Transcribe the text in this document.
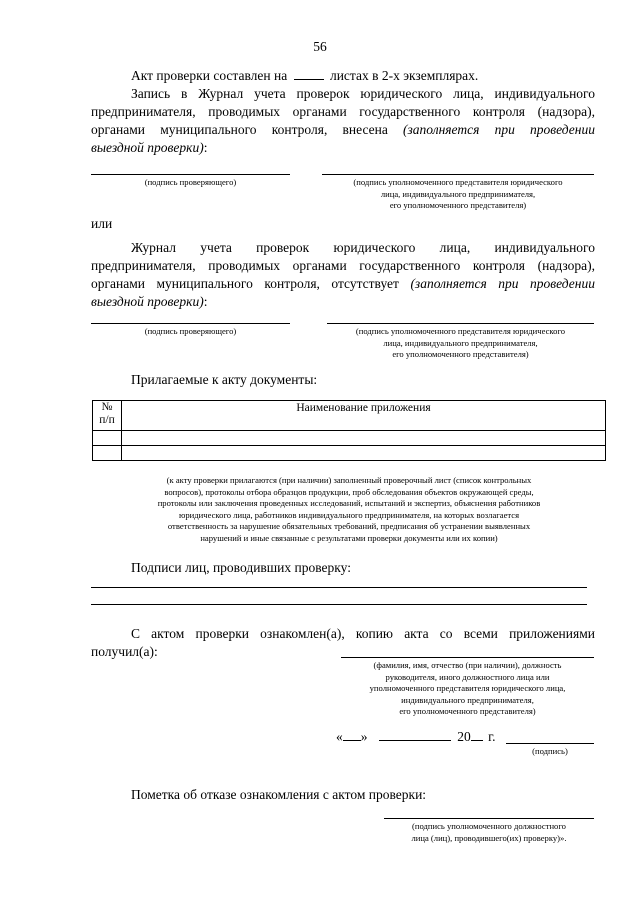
56
Акт проверки составлен на	листах в 2-х экземплярах.
Запись в Журнал учета проверок юридического лица, индивидуального
предпринимателя, проводимых органами государственного контроля (надзора),
органами муниципального контроля, внесена (заполняется при проведении
выездной проверки):
(подпись проверяющего)	(подпись уполномоченного представителя юридического
лица, индивидуального предпринимателя,
его уполномоченного представителя)
или
Журнал учета проверок юридического лица, индивидуального
предпринимателя, проводимых органами государственного контроля (надзора),
органами муниципального контроля, отсутствует (заполняется при проведении
выездной проверки):
(подпись проверяющего)	(подпись уполномоченного представителя юридического
лица, индивидуального предпринимателя,
его уполномоченного представителя)
Прилагаемые к акту документы:
№
п/п	Наименование приложения

(к акту проверки прилагаются (при наличии) заполненный проверочный лист (список контрольных
вопросов), протоколы отбора образцов продукции, проб обследования объектов окружающей среды,
протоколы или заключения проведенных исследований, испытаний и экспертиз, объяснения работников
юридического лица, работников индивидуального предпринимателя, на которых возлагается
ответственность за нарушение обязательных требований, предписания об устранении выявленных
нарушений и иные связанные с результатами проверки документы или их копии)
Подписи лиц, проводивших проверку:
С актом проверки ознакомлен(а), копию акта со всеми приложениями
получил(а):
(фамилия, имя, отчество (при наличии), должность
руководителя, иного должностного лица или
уполномоченного представителя юридического лица,
индивидуального предпринимателя,
его уполномоченного представителя)
« »	20 г.
(подпись)
Пометка об отказе ознакомления с актом проверки:
(подпись уполномоченного должностного
лица (лиц), проводившего(их) проверку)».
